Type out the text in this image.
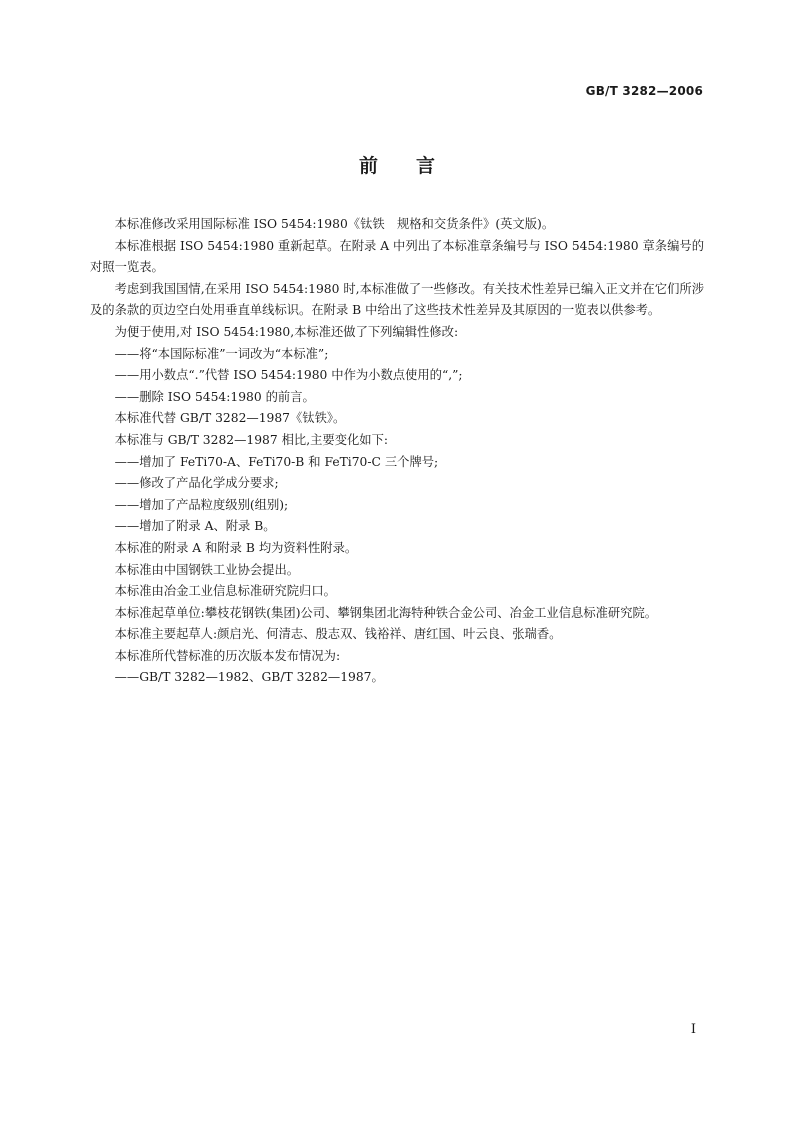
GB/T 3282—2006
前言

本标准修改采用国际标准 ISO 5454:1980《钛铁　规格和交货条件》(英文版)。

本标准根据 ISO 5454:1980 重新起草。在附录 A 中列出了本标准章条编号与 ISO 5454:1980 章条编号的对照一览表。

考虑到我国国情,在采用 ISO 5454:1980 时,本标准做了一些修改。有关技术性差异已编入正文并在它们所涉及的条款的页边空白处用垂直单线标识。在附录 B 中给出了这些技术性差异及其原因的一览表以供参考。

为便于使用,对 ISO 5454:1980,本标准还做了下列编辑性修改:

——将“本国际标准”一词改为“本标准”;

——用小数点“.”代替 ISO 5454:1980 中作为小数点使用的“,”;

——删除 ISO 5454:1980 的前言。

本标准代替 GB/T 3282—1987《钛铁》。

本标准与 GB/T 3282—1987 相比,主要变化如下:

——增加了 FeTi70-A、FeTi70-B 和 FeTi70-C 三个牌号;

——修改了产品化学成分要求;

——增加了产品粒度级别(组别);

——增加了附录 A、附录 B。

本标准的附录 A 和附录 B 均为资料性附录。

本标准由中国钢铁工业协会提出。

本标准由冶金工业信息标准研究院归口。

本标准起草单位:攀枝花钢铁(集团)公司、攀钢集团北海特种铁合金公司、冶金工业信息标准研究院。

本标准主要起草人:颜启光、何清志、殷志双、钱裕祥、唐红国、叶云良、张瑞香。

本标准所代替标准的历次版本发布情况为:

——GB/T 3282—1982、GB/T 3282—1987。

I
